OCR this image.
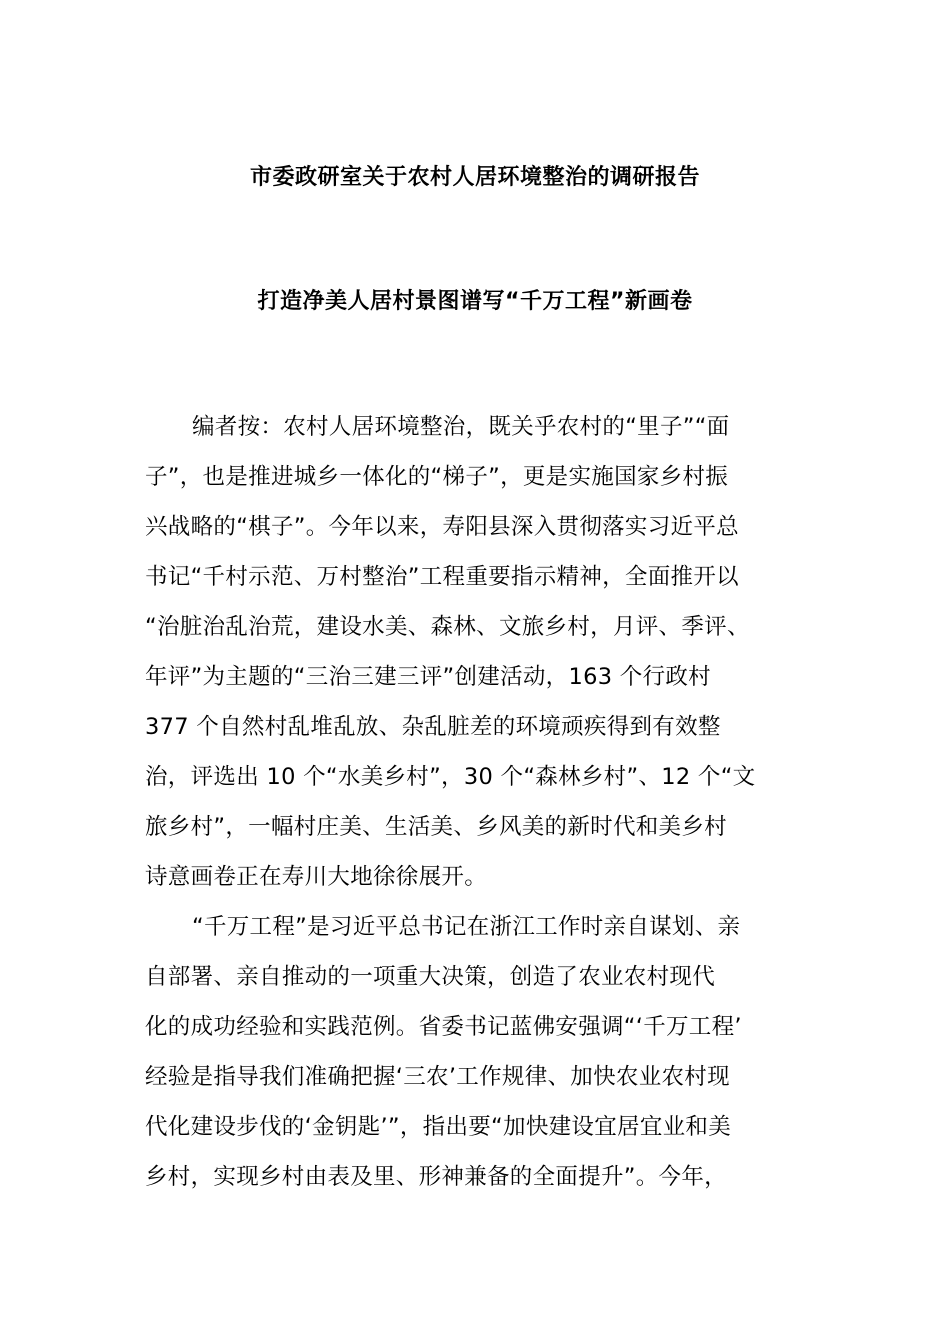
市委政研室关于农村人居环境整治的调研报告
打造净美人居村景图谱写“千万工程”新画卷
编者按：农村人居环境整治，既关乎农村的“里子”“面
子”，也是推进城乡一体化的“梯子”，更是实施国家乡村振
兴战略的“棋子”。今年以来，寿阳县深入贯彻落实习近平总
书记“千村示范、万村整治”工程重要指示精神，全面推开以
“治脏治乱治荒，建设水美、森林、文旅乡村，月评、季评、
年评”为主题的“三治三建三评”创建活动，163 个行政村
377 个自然村乱堆乱放、杂乱脏差的环境顽疾得到有效整
治，评选出 10 个“水美乡村”，30 个“森林乡村”、12 个“文
旅乡村”，一幅村庄美、生活美、乡风美的新时代和美乡村
诗意画卷正在寿川大地徐徐展开。
“千万工程”是习近平总书记在浙江工作时亲自谋划、亲
自部署、亲自推动的一项重大决策，创造了农业农村现代
化的成功经验和实践范例。省委书记蓝佛安强调“‘千万工程’
经验是指导我们准确把握‘三农’工作规律、加快农业农村现
代化建设步伐的‘金钥匙’”，指出要“加快建设宜居宜业和美
乡村，实现乡村由表及里、形神兼备的全面提升”。今年，
